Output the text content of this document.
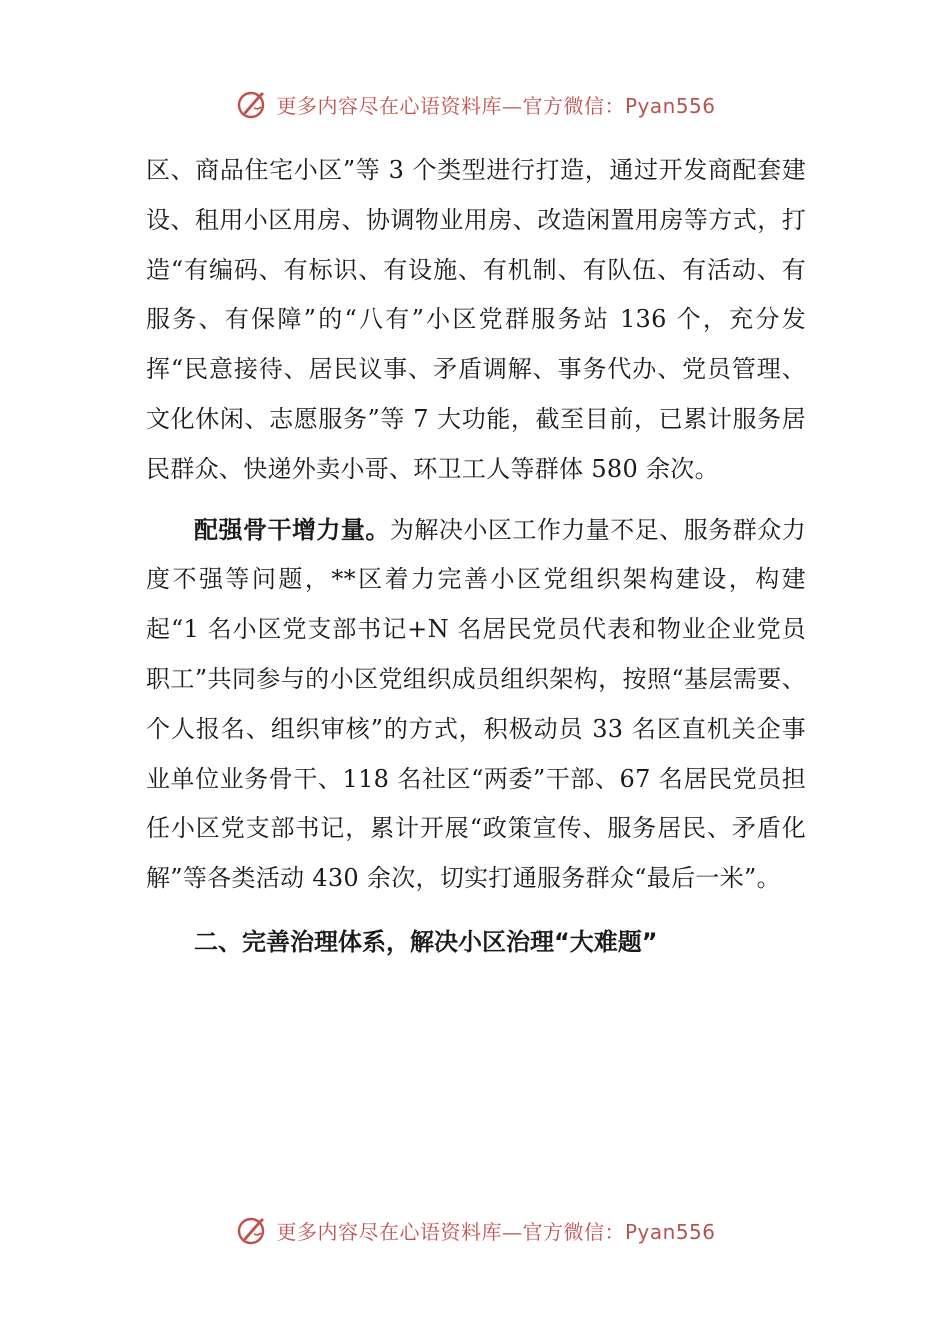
更多内容尽在心语资料库—官方微信：Pyan556

区、商品住宅小区”等 3 个类型进行打造，通过开发商配套建设、租用小区用房、协调物业用房、改造闲置用房等方式，打造“有编码、有标识、有设施、有机制、有队伍、有活动、有服务、有保障”的“八有”小区党群服务站 136 个，充分发挥“民意接待、居民议事、矛盾调解、事务代办、党员管理、文化休闲、志愿服务”等 7 大功能，截至目前，已累计服务居民群众、快递外卖小哥、环卫工人等群体 580 余次。

配强骨干增力量。为解决小区工作力量不足、服务群众力度不强等问题，**区着力完善小区党组织架构建设，构建起“1 名小区党支部书记+N 名居民党员代表和物业企业党员职工”共同参与的小区党组织成员组织架构，按照“基层需要、个人报名、组织审核”的方式，积极动员 33 名区直机关企事业单位业务骨干、118 名社区“两委”干部、67 名居民党员担任小区党支部书记，累计开展“政策宣传、服务居民、矛盾化解”等各类活动 430 余次，切实打通服务群众“最后一米”。

二、完善治理体系，解决小区治理“大难题”

更多内容尽在心语资料库—官方微信：Pyan556
